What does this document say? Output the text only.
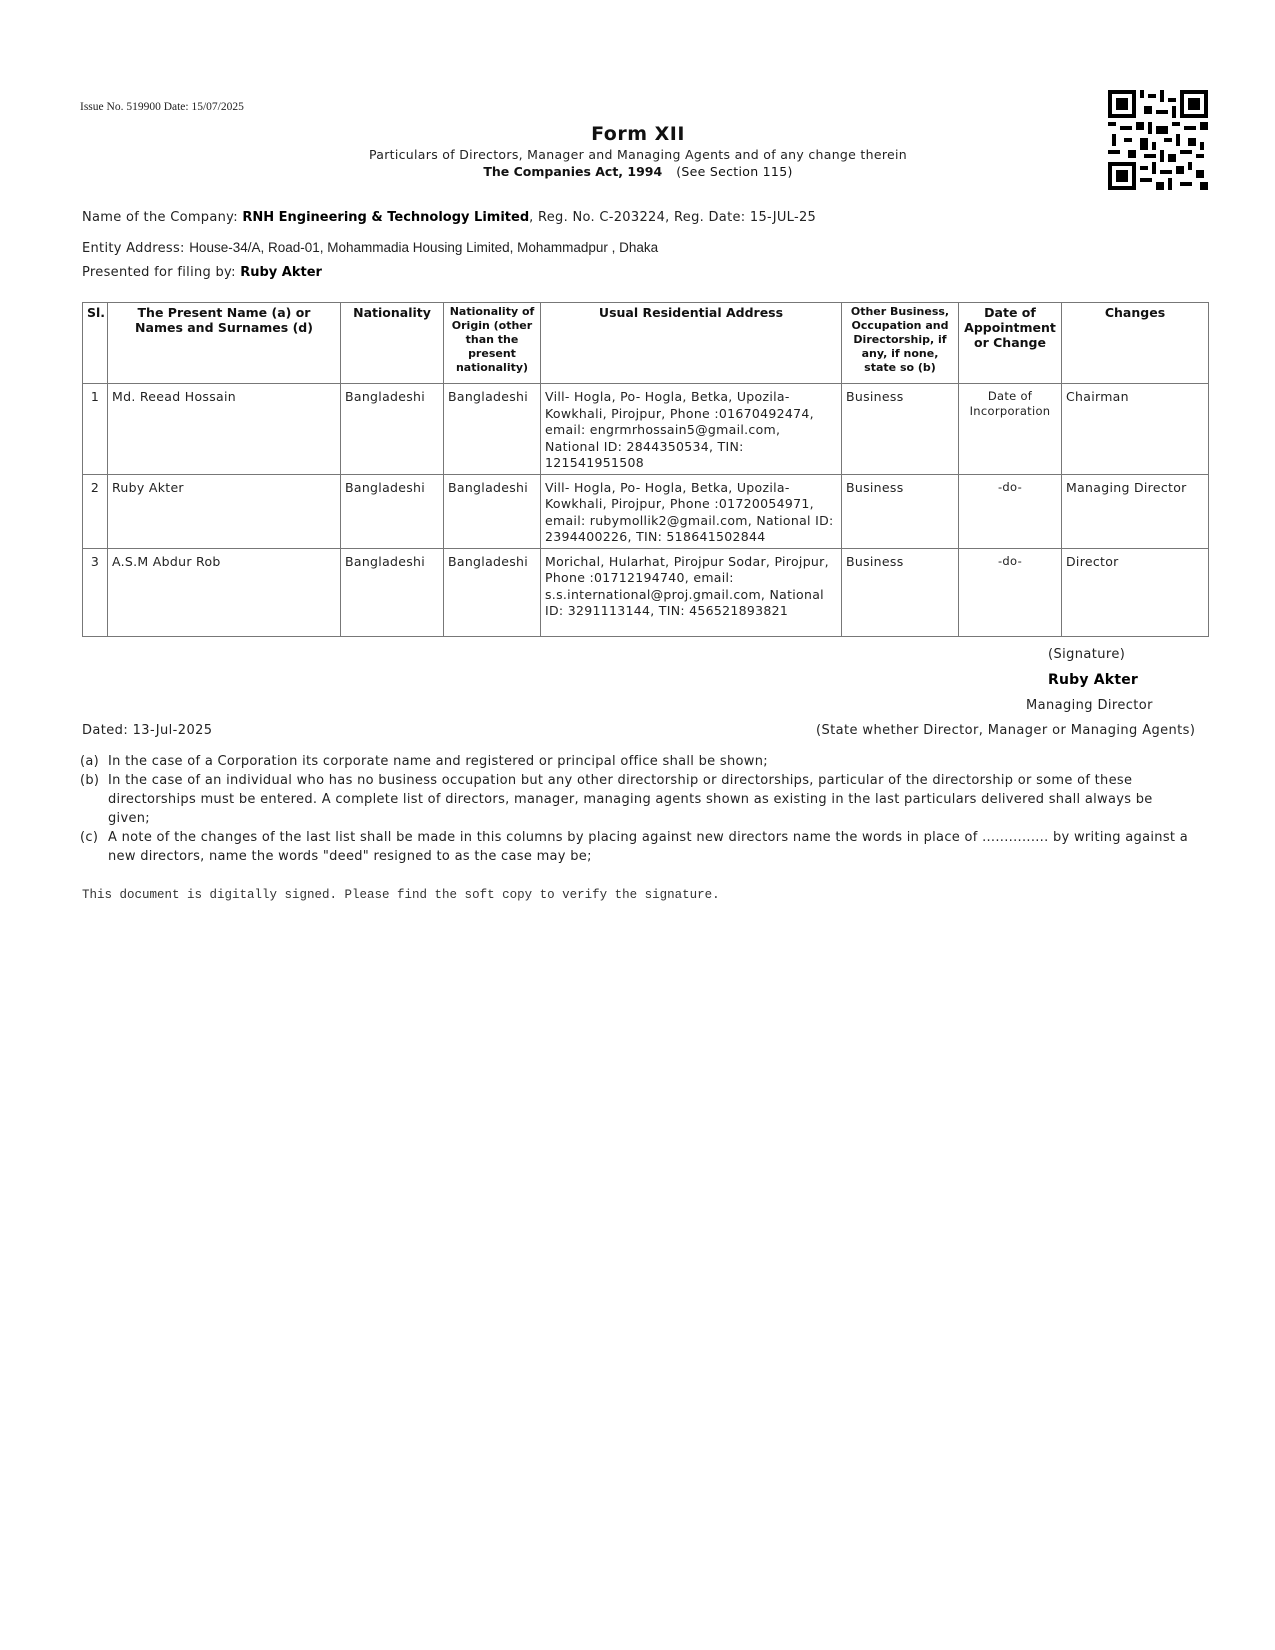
Issue No. 519900 Date: 15/07/2025
Form XII
Particulars of Directors, Manager and Managing Agents and of any change therein
The Companies Act, 1994 (See Section 115)
Name of the Company: RNH Engineering & Technology Limited, Reg. No. C-203224, Reg. Date: 15-JUL-25
Entity Address: House-34/A, Road-01, Mohammadia Housing Limited, Mohammadpur , Dhaka
Presented for filing by: Ruby Akter
Sl.	The Present Name (a) or Names and Surnames (d)	Nationality	Nationality of Origin (other than the present nationality)	Usual Residential Address	Other Business, Occupation and Directorship, if any, if none, state so (b)	Date of Appointment or Change	Changes
1	Md. Reead Hossain	Bangladeshi	Bangladeshi	Vill- Hogla, Po- Hogla, Betka, Upozila-Kowkhali, Pirojpur, Phone :01670492474, email: engrmrhossain5@gmail.com, National ID: 2844350534, TIN: 121541951508	Business	Date of Incorporation	Chairman
2	Ruby Akter	Bangladeshi	Bangladeshi	Vill- Hogla, Po- Hogla, Betka, Upozila-Kowkhali, Pirojpur, Phone :01720054971, email: rubymollik2@gmail.com, National ID: 2394400226, TIN: 518641502844	Business	-do-	Managing Director
3	A.S.M Abdur Rob	Bangladeshi	Bangladeshi	Morichal, Hularhat, Pirojpur Sodar, Pirojpur, Phone :01712194740, email: s.s.international@proj.gmail.com, National ID: 3291113144, TIN: 456521893821	Business	-do-	Director
(Signature)
Ruby Akter
Managing Director
Dated: 13-Jul-2025	(State whether Director, Manager or Managing Agents)
(a) In the case of a Corporation its corporate name and registered or principal office shall be shown;
(b) In the case of an individual who has no business occupation but any other directorship or directorships, particular of the directorship or some of these directorships must be entered. A complete list of directors, manager, managing agents shown as existing in the last particulars delivered shall always be given;
(c) A note of the changes of the last list shall be made in this columns by placing against new directors name the words in place of ............... by writing against a new directors, name the words "deed" resigned to as the case may be;
This document is digitally signed. Please find the soft copy to verify the signature.
